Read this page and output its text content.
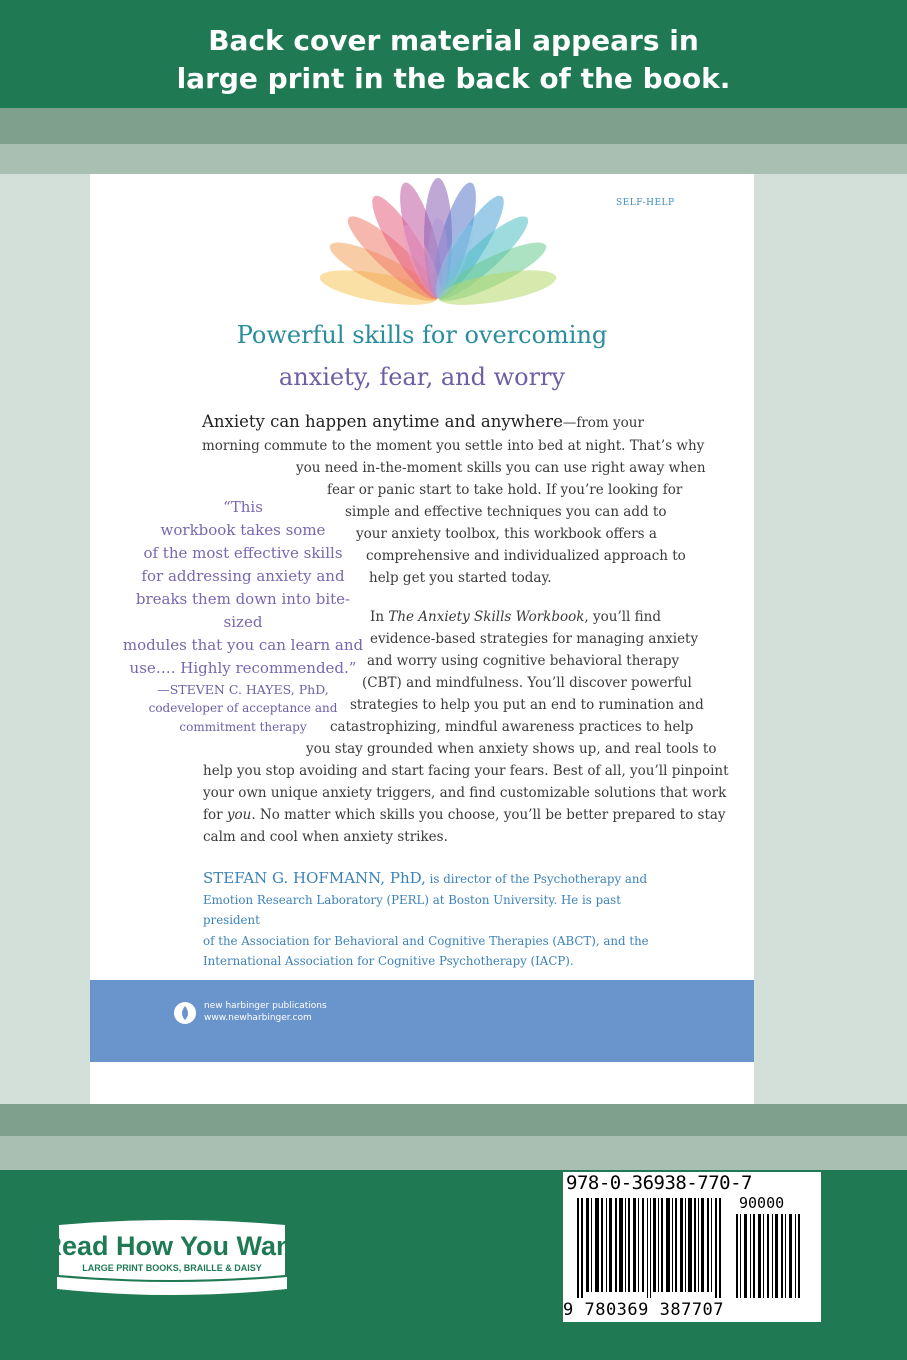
Back cover material appears in
large print in the back of the book.
SELF-HELP
Powerful skills for overcoming
anxiety, fear, and worry
Anxiety can happen anytime and anywhere—from your
morning commute to the moment you settle into bed at night. That’s why
you need in-the-moment skills you can use right away when
fear or panic start to take hold. If you’re looking for
simple and effective techniques you can add to
your anxiety toolbox, this workbook offers a
comprehensive and individualized approach to
help get you started today.
“This
workbook takes some
of the most effective skills
for addressing anxiety and
breaks them down into bite-sized
modules that you can learn and
use…. Highly recommended.”
—STEVEN C. HAYES, PhD,
codeveloper of acceptance and
commitment therapy
In The Anxiety Skills Workbook, you’ll find
evidence-based strategies for managing anxiety
and worry using cognitive behavioral therapy
(CBT) and mindfulness. You’ll discover powerful
strategies to help you put an end to rumination and
catastrophizing, mindful awareness practices to help
you stay grounded when anxiety shows up, and real tools to
help you stop avoiding and start facing your fears. Best of all, you’ll pinpoint
your own unique anxiety triggers, and find customizable solutions that work
for you. No matter which skills you choose, you’ll be better prepared to stay
calm and cool when anxiety strikes.
STEFAN G. HOFMANN, PhD, is director of the Psychotherapy and
Emotion Research Laboratory (PERL) at Boston University. He is past president
of the Association for Behavioral and Cognitive Therapies (ABCT), and the
International Association for Cognitive Psychotherapy (IACP).
new harbinger publications
www.newharbinger.com
Read How You Want
LARGE PRINT BOOKS, BRAILLE & DAISY
978-0-36938-770-7
90000
9 780369 387707
